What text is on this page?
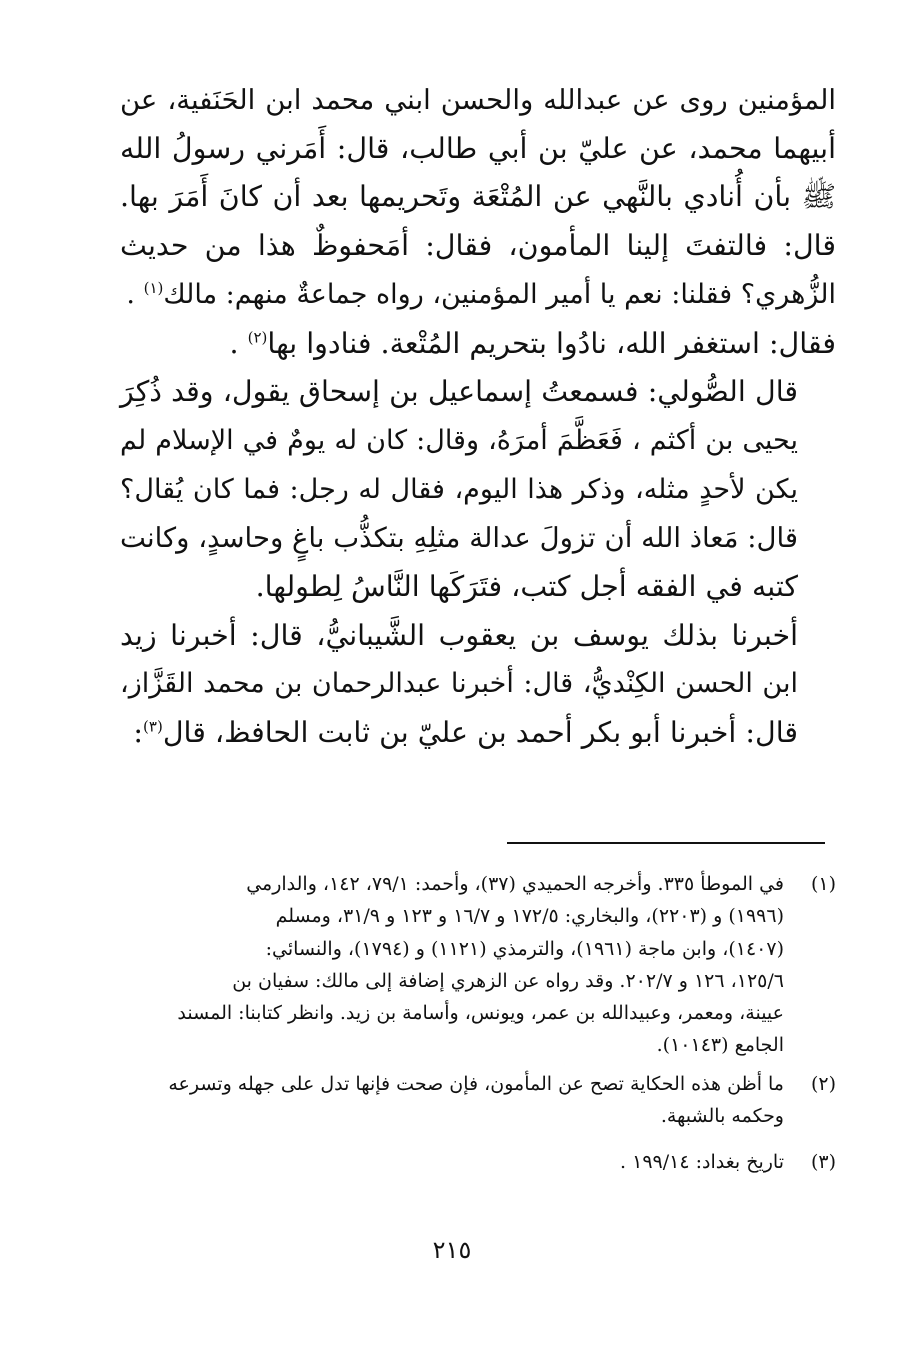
المؤمنين روى عن عبدالله والحسن ابني محمد ابن الحَنَفية، عن
أبيهما محمد، عن عليّ بن أبي طالب، قال: أَمَرني رسولُ الله
ﷺ بأن أُنادي بالنَّهي عن المُتْعَة وتَحريمها بعد أن كانَ أَمَرَ بها.
قال: فالتفتَ إلينا المأمون، فقال: أمَحفوظٌ هذا من حديث
الزُّهري؟ فقلنا: نعم يا أمير المؤمنين، رواه جماعةٌ منهم: مالك$^{(١)}$ .
فقال: استغفر الله، نادُوا بتحريم المُتْعة. فنادوا بها$^{(٢)}$ .

قال الصُّولي: فسمعتُ إسماعيل بن إسحاق يقول، وقد ذُكِرَ
يحيى بن أكثم ، فَعَظَّمَ أمرَهُ، وقال: كان له يومٌ في الإسلام لم
يكن لأحدٍ مثله، وذكر هذا اليوم، فقال له رجل: فما كان يُقال؟
قال: مَعاذ الله أن تزولَ عدالة مثلِهِ بتكذُّب باغٍ وحاسدٍ، وكانت
كتبه في الفقه أجل كتب، فتَرَكَها النَّاسُ لِطولها.

أخبرنا بذلك يوسف بن يعقوب الشَّيبانيُّ، قال: أخبرنا زيد
ابن الحسن الكِنْديُّ، قال: أخبرنا عبدالرحمان بن محمد القَزَّاز،
قال: أخبرنا أبو بكر أحمد بن عليّ بن ثابت الحافظ، قال$^{(٣)}$:

(١)
في الموطأ ٣٣٥. وأخرجه الحميدي (٣٧)، وأحمد: ٧٩/١، ١٤٢، والدارمي
(١٩٩٦) و (٢٢٠٣)، والبخاري: ١٧٢/٥ و ١٦/٧ و ١٢٣ و ٣١/٩، ومسلم
(١٤٠٧)، وابن ماجة (١٩٦١)، والترمذي (١١٢١) و (١٧٩٤)، والنسائي:
١٢٥/٦، ١٢٦ و ٢٠٢/٧. وقد رواه عن الزهري إضافة إلى مالك: سفيان بن
عيينة، ومعمر، وعبيدالله بن عمر، ويونس، وأسامة بن زيد. وانظر كتابنا: المسند
الجامع (١٠١٤٣).
(٢)
ما أظن هذه الحكاية تصح عن المأمون، فإن صحت فإنها تدل على جهله وتسرعه
وحكمه بالشبهة.
(٣)
تاريخ بغداد: ١٩٩/١٤ .
٢١٥
